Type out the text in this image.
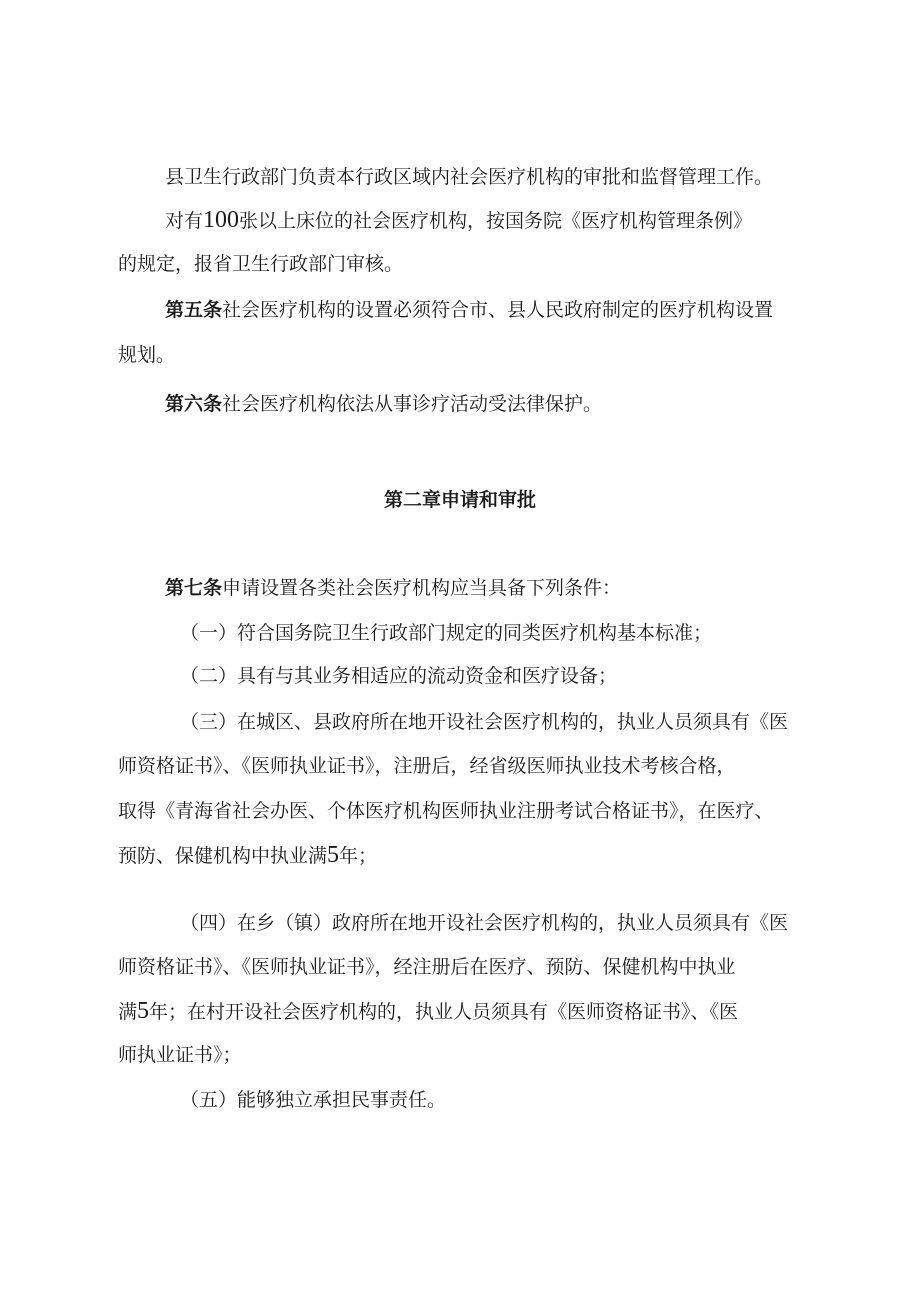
县卫生行政部门负责本行政区域内社会医疗机构的审批和监督管理工作。
对有100张以上床位的社会医疗机构，按国务院《医疗机构管理条例》
的规定，报省卫生行政部门审核。
第五条社会医疗机构的设置必须符合市、县人民政府制定的医疗机构设置
规划。
第六条社会医疗机构依法从事诊疗活动受法律保护。
第二章申请和审批
第七条申请设置各类社会医疗机构应当具备下列条件：
（一）符合国务院卫生行政部门规定的同类医疗机构基本标准；
（二）具有与其业务相适应的流动资金和医疗设备；
（三）在城区、县政府所在地开设社会医疗机构的，执业人员须具有《医
师资格证书》、《医师执业证书》，注册后，经省级医师执业技术考核合格，
取得《青海省社会办医、个体医疗机构医师执业注册考试合格证书》，在医疗、
预防、保健机构中执业满5年；
（四）在乡（镇）政府所在地开设社会医疗机构的，执业人员须具有《医
师资格证书》、《医师执业证书》，经注册后在医疗、预防、保健机构中执业
满5年；在村开设社会医疗机构的，执业人员须具有《医师资格证书》、《医
师执业证书》；
（五）能够独立承担民事责任。
